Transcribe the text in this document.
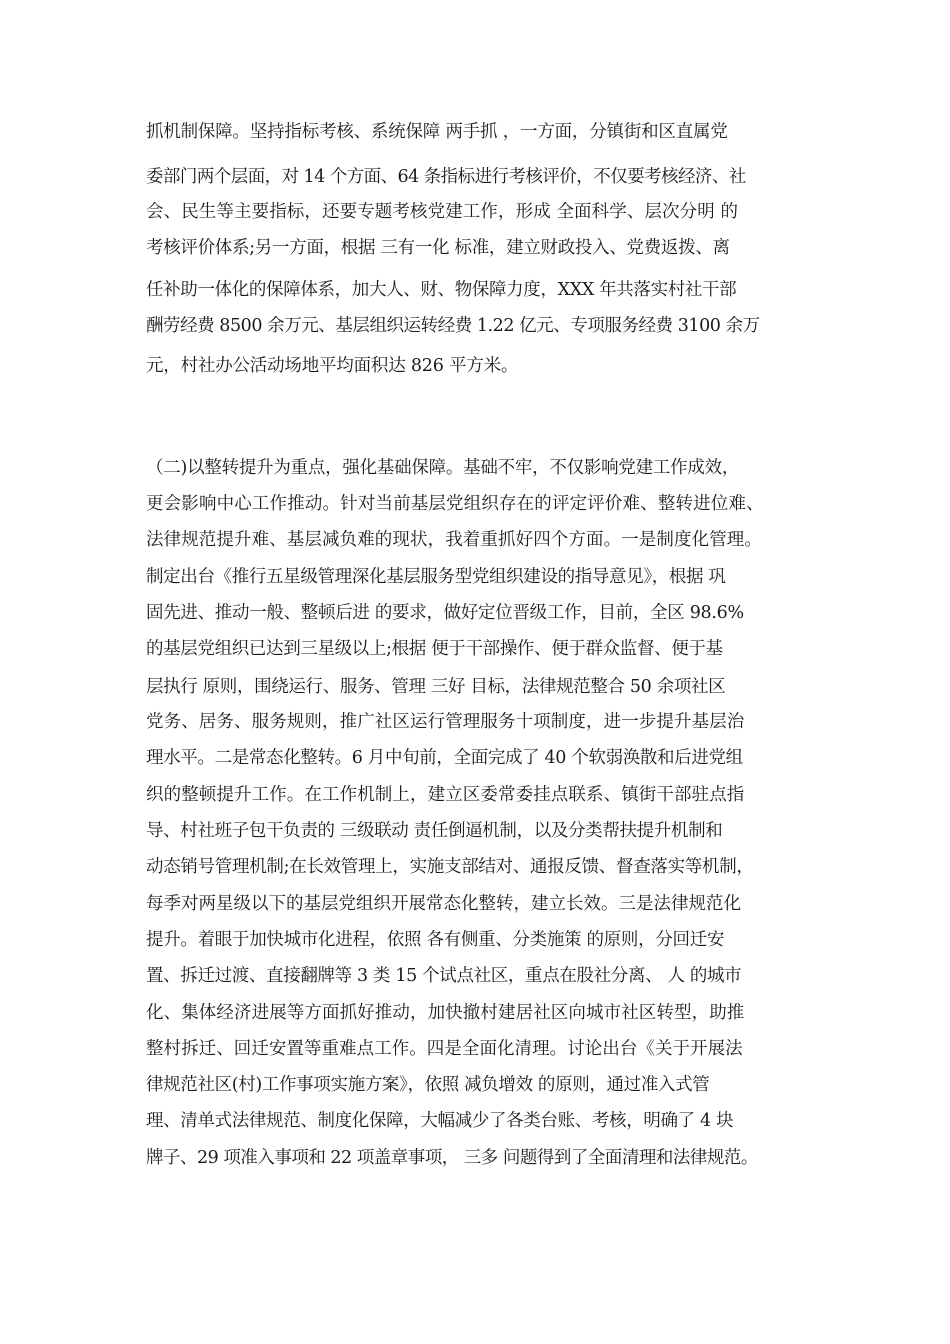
抓机制保障。坚持指标考核、系统保障 两手抓 ，一方面，分镇街和区直属党
委部门两个层面，对 14 个方面、64 条指标进行考核评价，不仅要考核经济、社
会、民生等主要指标，还要专题考核党建工作，形成 全面科学、层次分明 的
考核评价体系;另一方面，根据 三有一化 标准，建立财政投入、党费返拨、离
任补助一体化的保障体系，加大人、财、物保障力度，XXX 年共落实村社干部
酬劳经费 8500 余万元、基层组织运转经费 1.22 亿元、专项服务经费 3100 余万
元，村社办公活动场地平均面积达 826 平方米。
（二)以整转提升为重点，强化基础保障。基础不牢，不仅影响党建工作成效，
更会影响中心工作推动。针对当前基层党组织存在的评定评价难、整转进位难、
法律规范提升难、基层减负难的现状，我着重抓好四个方面。一是制度化管理。
制定出台《推行五星级管理深化基层服务型党组织建设的指导意见》，根据 巩
固先进、推动一般、整顿后进 的要求，做好定位晋级工作，目前，全区 98.6%
的基层党组织已达到三星级以上;根据 便于干部操作、便于群众监督、便于基
层执行 原则，围绕运行、服务、管理 三好 目标，法律规范整合 50 余项社区
党务、居务、服务规则，推广社区运行管理服务十项制度，进一步提升基层治
理水平。二是常态化整转。6 月中旬前，全面完成了 40 个软弱涣散和后进党组
织的整顿提升工作。在工作机制上，建立区委常委挂点联系、镇街干部驻点指
导、村社班子包干负责的 三级联动 责任倒逼机制，以及分类帮扶提升机制和
动态销号管理机制;在长效管理上，实施支部结对、通报反馈、督查落实等机制，
每季对两星级以下的基层党组织开展常态化整转，建立长效。三是法律规范化
提升。着眼于加快城市化进程，依照 各有侧重、分类施策 的原则，分回迁安
置、拆迁过渡、直接翻牌等 3 类 15 个试点社区，重点在股社分离、 人 的城市
化、集体经济进展等方面抓好推动，加快撤村建居社区向城市社区转型，助推
整村拆迁、回迁安置等重难点工作。四是全面化清理。讨论出台《关于开展法
律规范社区(村)工作事项实施方案》，依照 减负增效 的原则，通过准入式管
理、清单式法律规范、制度化保障，大幅减少了各类台账、考核，明确了 4 块
牌子、29 项准入事项和 22 项盖章事项， 三多 问题得到了全面清理和法律规范。
